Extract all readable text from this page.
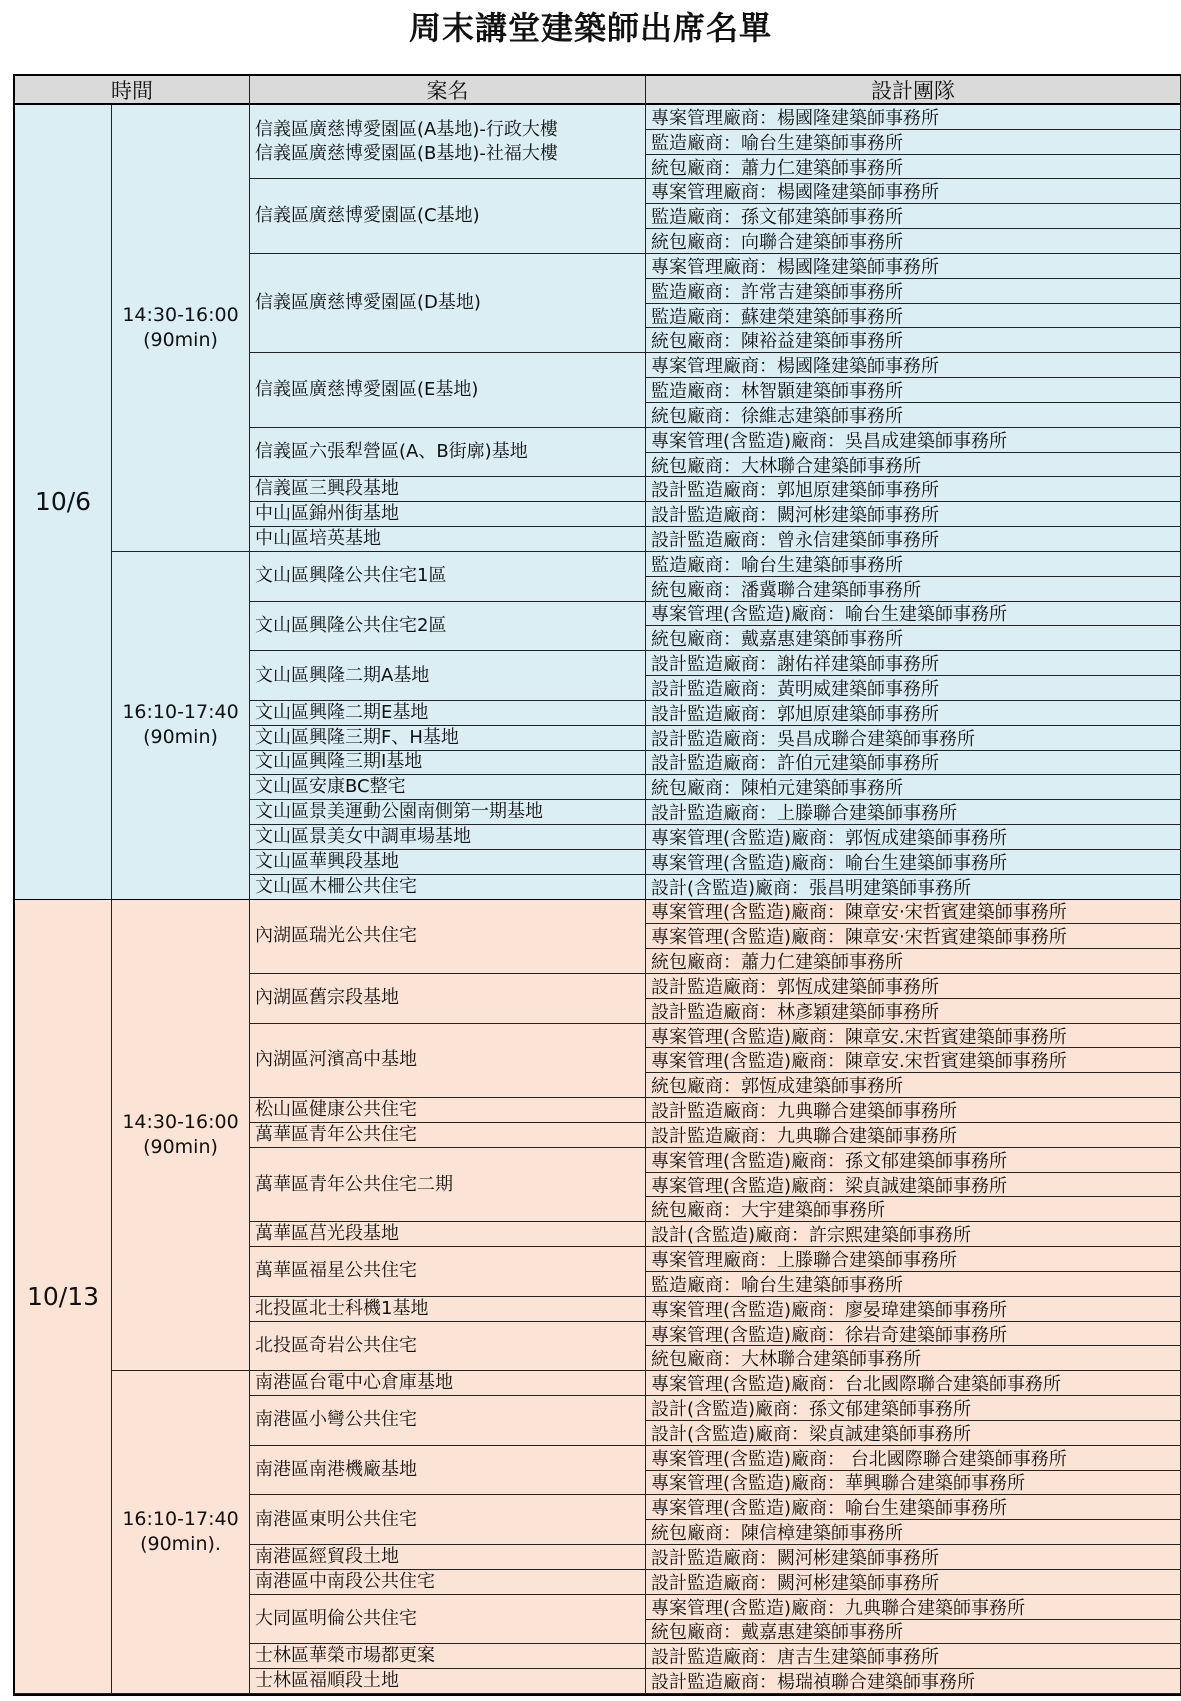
周末講堂建築師出席名單
時間	案名	設計團隊
專案管理廠商：楊國隆建築師事務所
監造廠商：喻台生建築師事務所
統包廠商：蕭力仁建築師事務所
信義區廣慈博愛園區(A基地)-行政大樓
信義區廣慈博愛園區(B基地)-社福大樓
專案管理廠商：楊國隆建築師事務所
監造廠商：孫文郁建築師事務所
統包廠商：向聯合建築師事務所
信義區廣慈博愛園區(C基地)
專案管理廠商：楊國隆建築師事務所
監造廠商：許常吉建築師事務所
監造廠商：蘇建榮建築師事務所
統包廠商：陳裕益建築師事務所
信義區廣慈博愛園區(D基地)
專案管理廠商：楊國隆建築師事務所
監造廠商：林智顥建築師事務所
統包廠商：徐維志建築師事務所
信義區廣慈博愛園區(E基地)
專案管理(含監造)廠商：吳昌成建築師事務所
統包廠商：大林聯合建築師事務所
信義區六張犁營區(A、B街廓)基地
設計監造廠商：郭旭原建築師事務所
信義區三興段基地
設計監造廠商：闕河彬建築師事務所
中山區錦州街基地
設計監造廠商：曾永信建築師事務所
中山區培英基地
14:30-16:00
(90min)
監造廠商：喻台生建築師事務所
統包廠商：潘冀聯合建築師事務所
文山區興隆公共住宅1區
專案管理(含監造)廠商：喻台生建築師事務所
統包廠商：戴嘉惠建築師事務所
文山區興隆公共住宅2區
設計監造廠商：謝佑祥建築師事務所
設計監造廠商：黃明威建築師事務所
文山區興隆二期A基地
設計監造廠商：郭旭原建築師事務所
文山區興隆二期E基地
設計監造廠商：吳昌成聯合建築師事務所
文山區興隆三期F、H基地
設計監造廠商：許伯元建築師事務所
文山區興隆三期I基地
統包廠商：陳柏元建築師事務所
文山區安康BC整宅
設計監造廠商：上滕聯合建築師事務所
文山區景美運動公園南側第一期基地
專案管理(含監造)廠商：郭恆成建築師事務所
文山區景美女中調車場基地
專案管理(含監造)廠商：喻台生建築師事務所
文山區華興段基地
設計(含監造)廠商：張昌明建築師事務所
文山區木柵公共住宅
16:10-17:40
(90min)
10/6
專案管理(含監造)廠商：陳章安‧宋哲賓建築師事務所
專案管理(含監造)廠商：陳章安‧宋哲賓建築師事務所
統包廠商：蕭力仁建築師事務所
內湖區瑞光公共住宅
設計監造廠商：郭恆成建築師事務所
設計監造廠商：林彥穎建築師事務所
內湖區舊宗段基地
專案管理(含監造)廠商：陳章安.宋哲賓建築師事務所
專案管理(含監造)廠商：陳章安.宋哲賓建築師事務所
統包廠商：郭恆成建築師事務所
內湖區河濱高中基地
設計監造廠商：九典聯合建築師事務所
松山區健康公共住宅
設計監造廠商：九典聯合建築師事務所
萬華區青年公共住宅
專案管理(含監造)廠商：孫文郁建築師事務所
專案管理(含監造)廠商：梁貞誠建築師事務所
統包廠商：大宇建築師事務所
萬華區青年公共住宅二期
設計(含監造)廠商：許宗熙建築師事務所
萬華區莒光段基地
專案管理廠商：上滕聯合建築師事務所
監造廠商：喻台生建築師事務所
萬華區福星公共住宅
專案管理(含監造)廠商：廖晏瑋建築師事務所
北投區北士科機1基地
專案管理(含監造)廠商：徐岩奇建築師事務所
統包廠商：大林聯合建築師事務所
北投區奇岩公共住宅
14:30-16:00
(90min)
專案管理(含監造)廠商：台北國際聯合建築師事務所
南港區台電中心倉庫基地
設計(含監造)廠商：孫文郁建築師事務所
設計(含監造)廠商：梁貞誠建築師事務所
南港區小彎公共住宅
專案管理(含監造)廠商： 台北國際聯合建築師事務所
專案管理(含監造)廠商：華興聯合建築師事務所
南港區南港機廠基地
專案管理(含監造)廠商：喻台生建築師事務所
統包廠商：陳信樟建築師事務所
南港區東明公共住宅
設計監造廠商：闕河彬建築師事務所
南港區經貿段土地
設計監造廠商：闕河彬建築師事務所
南港區中南段公共住宅
專案管理(含監造)廠商：九典聯合建築師事務所
統包廠商：戴嘉惠建築師事務所
大同區明倫公共住宅
設計監造廠商：唐吉生建築師事務所
士林區華榮市場都更案
設計監造廠商：楊瑞禎聯合建築師事務所
士林區福順段土地
16:10-17:40
(90min).
10/13
